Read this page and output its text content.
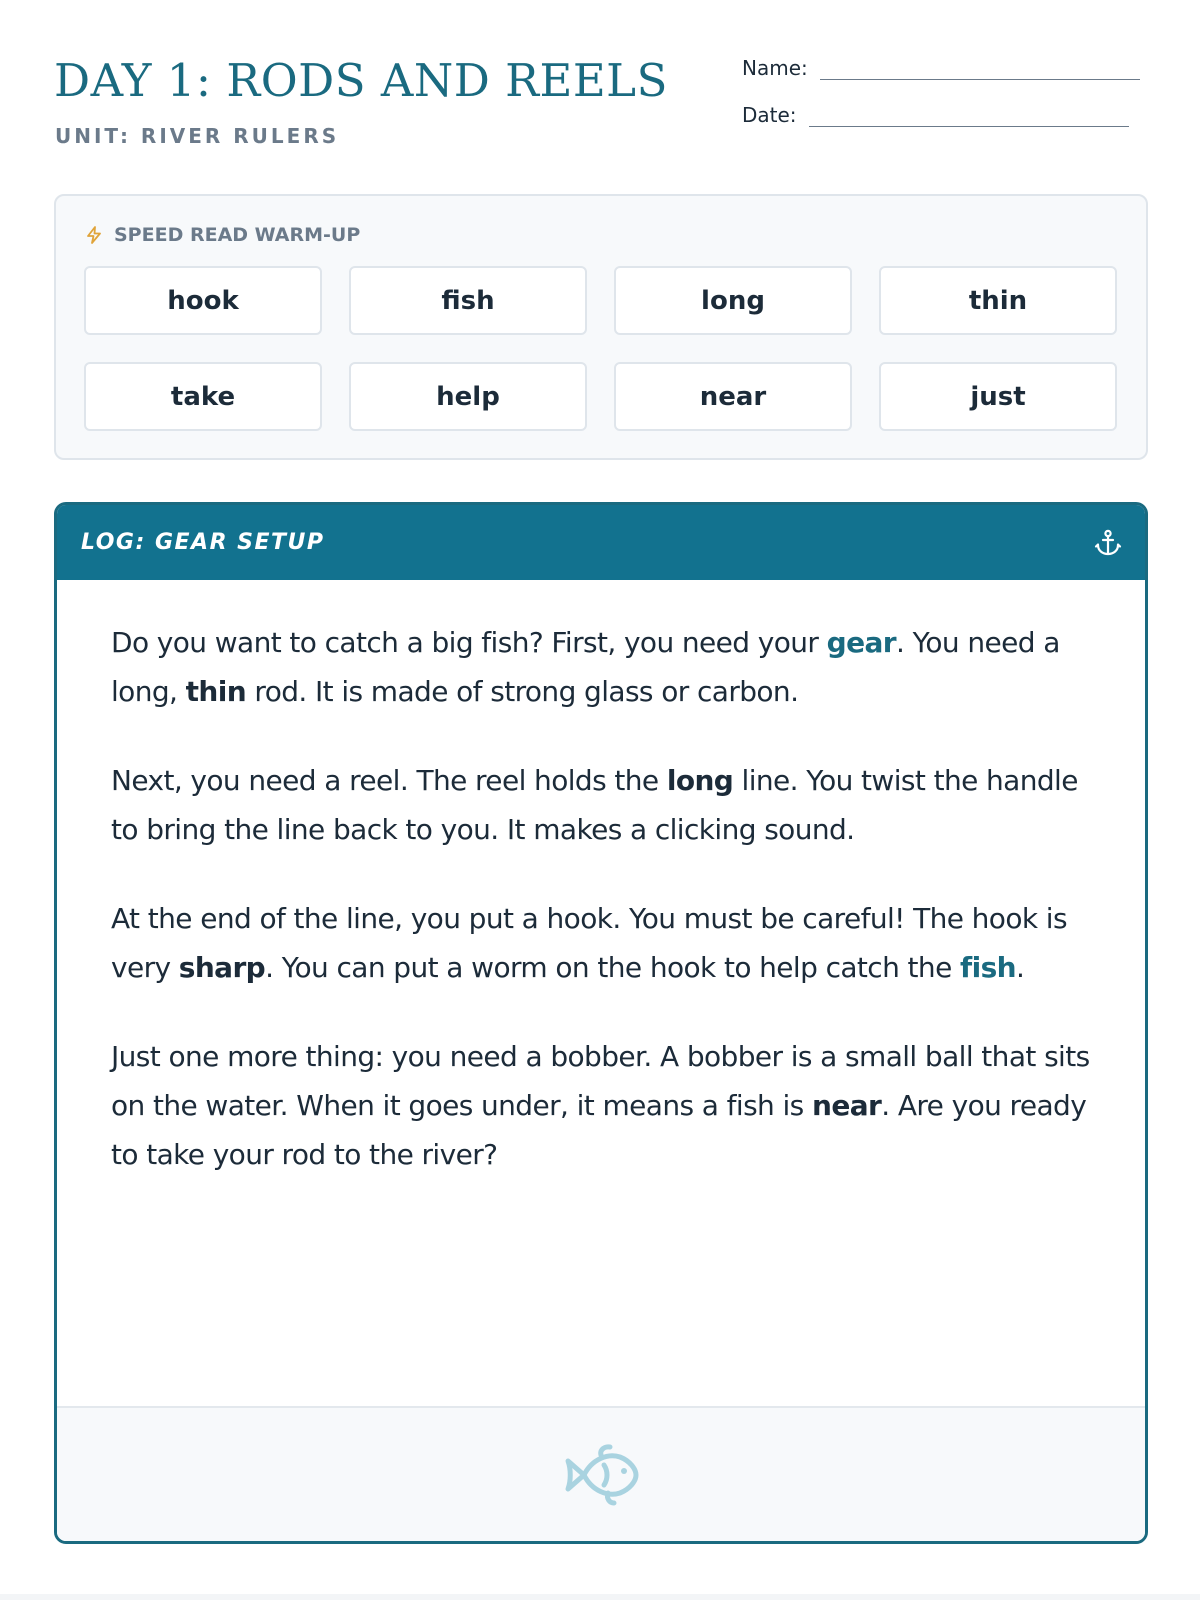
DAY 1: RODS AND REELS
UNIT: RIVER RULERS
Name:
Date:
SPEED READ WARM-UP
hook	fish	long	thin
take	help	near	just
LOG: GEAR SETUP

Do you want to catch a big fish? First, you need your gear. You need a long, thin rod. It is made of strong glass or carbon.

Next, you need a reel. The reel holds the long line. You twist the handle to bring the line back to you. It makes a clicking sound.

At the end of the line, you put a hook. You must be careful! The hook is very sharp. You can put a worm on the hook to help catch the fish.

Just one more thing: you need a bobber. A bobber is a small ball that sits on the water. When it goes under, it means a fish is near. Are you ready to take your rod to the river?
